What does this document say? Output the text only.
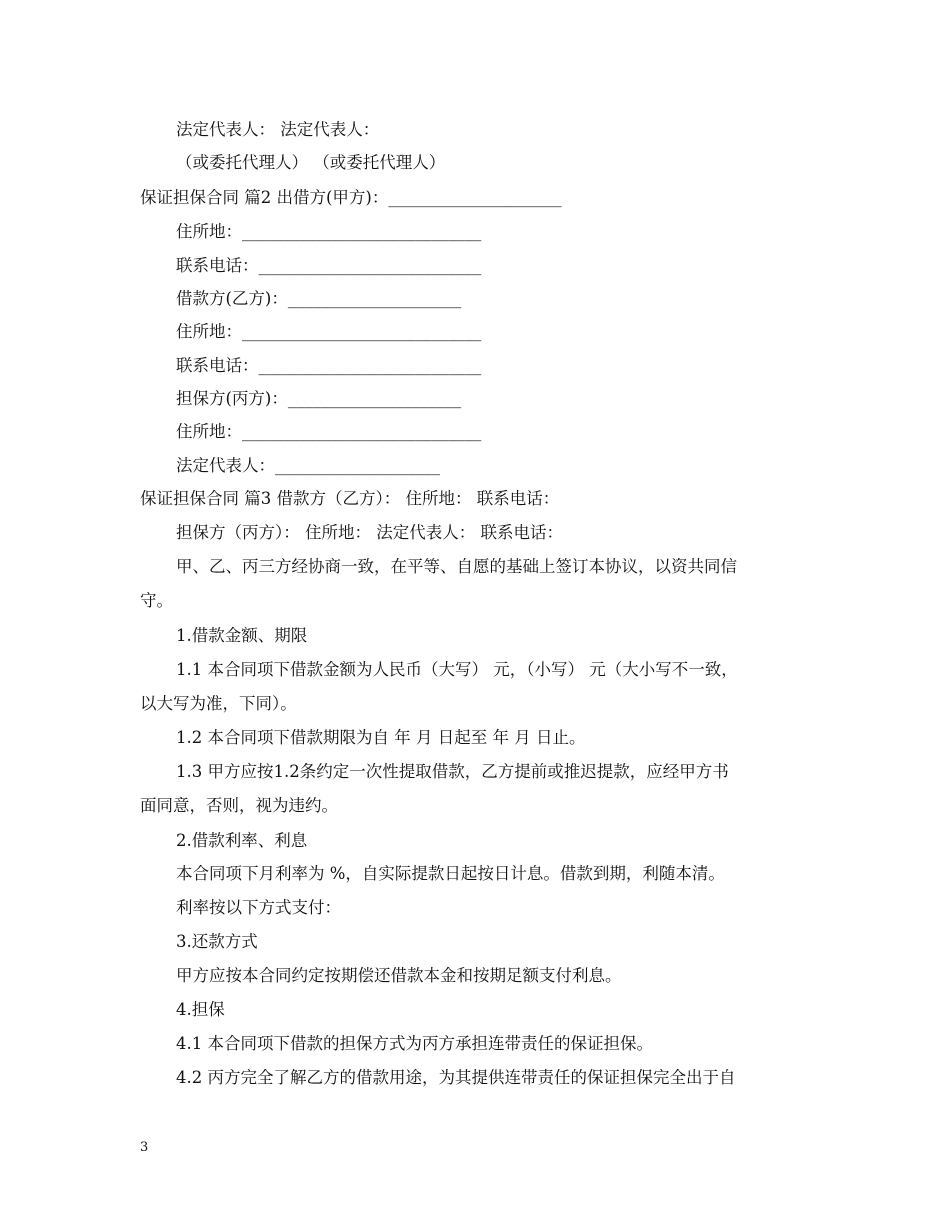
法定代表人： 法定代表人：
（或委托代理人） （或委托代理人）
保证担保合同 篇2 出借方(甲方)：_____________________
住所地：_____________________________
联系电话：___________________________
借款方(乙方)：_____________________
住所地：_____________________________
联系电话：___________________________
担保方(丙方)：_____________________
住所地：_____________________________
法定代表人：____________________
保证担保合同 篇3 借款方（乙方）： 住所地： 联系电话：
担保方（丙方）： 住所地： 法定代表人： 联系电话：
甲、乙、丙三方经协商一致，在平等、自愿的基础上签订本协议，以资共同信
守。
1.借款金额、期限
1.1 本合同项下借款金额为人民币（大写） 元，（小写） 元（大小写不一致，
以大写为准，下同）。
1.2 本合同项下借款期限为自 年 月 日起至 年 月 日止。
1.3 甲方应按1.2条约定一次性提取借款，乙方提前或推迟提款，应经甲方书
面同意，否则，视为违约。
2.借款利率、利息
本合同项下月利率为 %，自实际提款日起按日计息。借款到期，利随本清。
利率按以下方式支付：
3.还款方式
甲方应按本合同约定按期偿还借款本金和按期足额支付利息。
4.担保
4.1 本合同项下借款的担保方式为丙方承担连带责任的保证担保。
4.2 丙方完全了解乙方的借款用途，为其提供连带责任的保证担保完全出于自
3
